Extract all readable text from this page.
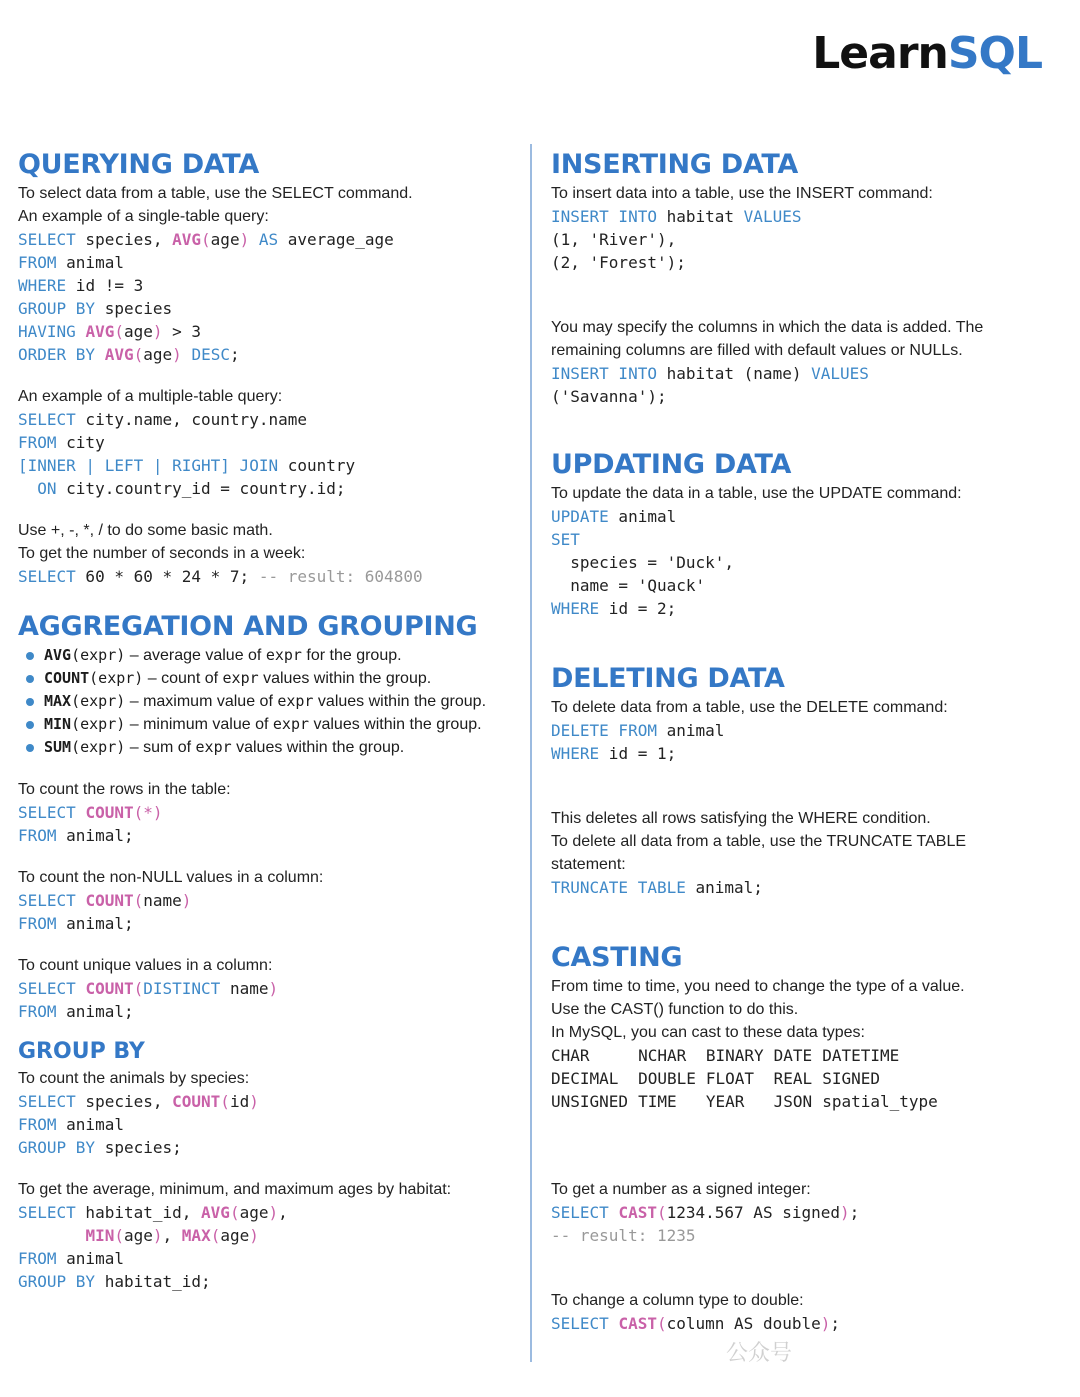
LearnSQL
QUERYING DATA
To select data from a table, use the SELECT command.
An example of a single-table query:
SELECT species, AVG(age) AS average_age
FROM animal
WHERE id != 3
GROUP BY species
HAVING AVG(age) > 3
ORDER BY AVG(age) DESC;
An example of a multiple-table query:
SELECT city.name, country.name
FROM city
[INNER | LEFT | RIGHT] JOIN country
ON city.country_id = country.id;
Use +, -, *, / to do some basic math.
To get the number of seconds in a week:
SELECT 60 * 60 * 24 * 7; -- result: 604800
AGGREGATION AND GROUPING
AVG(expr) – average value of expr for the group.
COUNT(expr) – count of expr values within the group.
MAX(expr) – maximum value of expr values within the group.
MIN(expr) – minimum value of expr values within the group.
SUM(expr) – sum of expr values within the group.
To count the rows in the table:
SELECT COUNT(*)
FROM animal;
To count the non-NULL values in a column:
SELECT COUNT(name)
FROM animal;
To count unique values in a column:
SELECT COUNT(DISTINCT name)
FROM animal;
GROUP BY
To count the animals by species:
SELECT species, COUNT(id)
FROM animal
GROUP BY species;
To get the average, minimum, and maximum ages by habitat:
SELECT habitat_id, AVG(age),
MIN(age), MAX(age)
FROM animal
GROUP BY habitat_id;
INSERTING DATA
To insert data into a table, use the INSERT command:
INSERT INTO habitat VALUES
(1, 'River'),
(2, 'Forest');
You may specify the columns in which the data is added. The
remaining columns are filled with default values or NULLs.
INSERT INTO habitat (name) VALUES
('Savanna');
UPDATING DATA
To update the data in a table, use the UPDATE command:
UPDATE animal
SET
species = 'Duck',
name = 'Quack'
WHERE id = 2;
DELETING DATA
To delete data from a table, use the DELETE command:
DELETE FROM animal
WHERE id = 1;
This deletes all rows satisfying the WHERE condition.
To delete all data from a table, use the TRUNCATE TABLE
statement:
TRUNCATE TABLE animal;
CASTING
From time to time, you need to change the type of a value.
Use the CAST() function to do this.
In MySQL, you can cast to these data types:
CHAR	NCHAR	BINARY	DATE	DATETIME
DECIMAL	DOUBLE	FLOAT	REAL	SIGNED
UNSIGNED	TIME	YEAR	JSON	spatial_type
To get a number as a signed integer:
SELECT CAST(1234.567 AS signed);
-- result: 1235
To change a column type to double:
SELECT CAST(column AS double);
公众号
